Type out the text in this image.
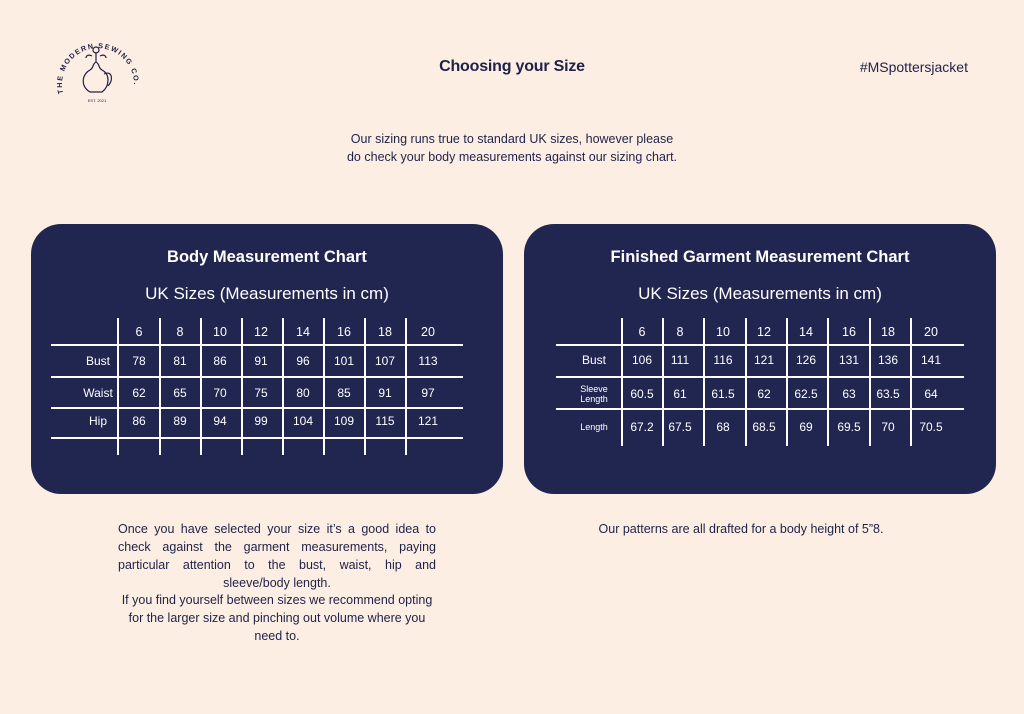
THE MODERN SEWING CO.
EST. 2021
Choosing your Size	#MSpottersjacket
Our sizing runs true to standard UK sizes, however please
do check your body measurements against our sizing chart.
Body Measurement Chart
UK Sizes (Measurements in cm)
6	8 10 12 14 16 18 20
Bust 78 81 86 91 96 101 107 113
Waist 62 65 70 75 80 85 91 97
Hip 86 89 94 99 104 109 115 121
Finished Garment Measurement Chart
UK Sizes (Measurements in cm)
6 8	10 12 14 16 18 20
Bust 106 111 116 121 126 131 136 141
Sleeve Length	60.5 61 61.5 62 62.5 63 63.5 64
Length 67.2 67.5 68 68.5 69 69.5 70 70.5
Once you have selected your size it’s a good idea to check against the garment measurements, paying particular attention to the bust, waist, hip and sleeve/body length.
If you find yourself between sizes we recommend opting for the larger size and pinching out volume where you need to.
Our patterns are all drafted for a body height of 5”8.
